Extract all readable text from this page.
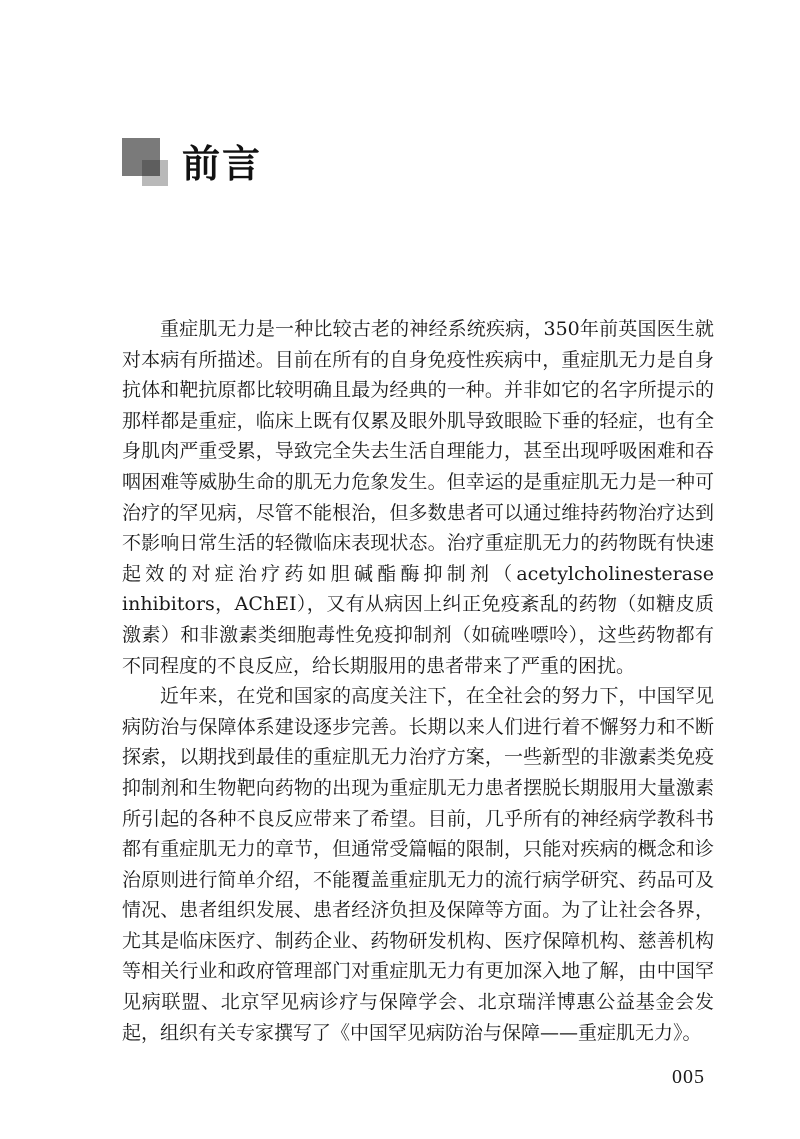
前言

重症肌无力是一种比较古老的神经系统疾病，350年前英国医生就对本病有所描述。目前在所有的自身免疫性疾病中，重症肌无力是自身抗体和靶抗原都比较明确且最为经典的一种。并非如它的名字所提示的那样都是重症，临床上既有仅累及眼外肌导致眼睑下垂的轻症，也有全身肌肉严重受累，导致完全失去生活自理能力，甚至出现呼吸困难和吞咽困难等威胁生命的肌无力危象发生。但幸运的是重症肌无力是一种可治疗的罕见病，尽管不能根治，但多数患者可以通过维持药物治疗达到不影响日常生活的轻微临床表现状态。治疗重症肌无力的药物既有快速起效的对症治疗药如胆碱酯酶抑制剂（acetylcholinesterase inhibitors，AChEI），又有从病因上纠正免疫紊乱的药物（如糖皮质激素）和非激素类细胞毒性免疫抑制剂（如硫唑嘌呤），这些药物都有不同程度的不良反应，给长期服用的患者带来了严重的困扰。

近年来，在党和国家的高度关注下，在全社会的努力下，中国罕见病防治与保障体系建设逐步完善。长期以来人们进行着不懈努力和不断探索，以期找到最佳的重症肌无力治疗方案，一些新型的非激素类免疫抑制剂和生物靶向药物的出现为重症肌无力患者摆脱长期服用大量激素所引起的各种不良反应带来了希望。目前，几乎所有的神经病学教科书都有重症肌无力的章节，但通常受篇幅的限制，只能对疾病的概念和诊治原则进行简单介绍，不能覆盖重症肌无力的流行病学研究、药品可及情况、患者组织发展、患者经济负担及保障等方面。为了让社会各界，尤其是临床医疗、制药企业、药物研发机构、医疗保障机构、慈善机构等相关行业和政府管理部门对重症肌无力有更加深入地了解，由中国罕见病联盟、北京罕见病诊疗与保障学会、北京瑞洋博惠公益基金会发起，组织有关专家撰写了《中国罕见病防治与保障——重症肌无力》。

005
